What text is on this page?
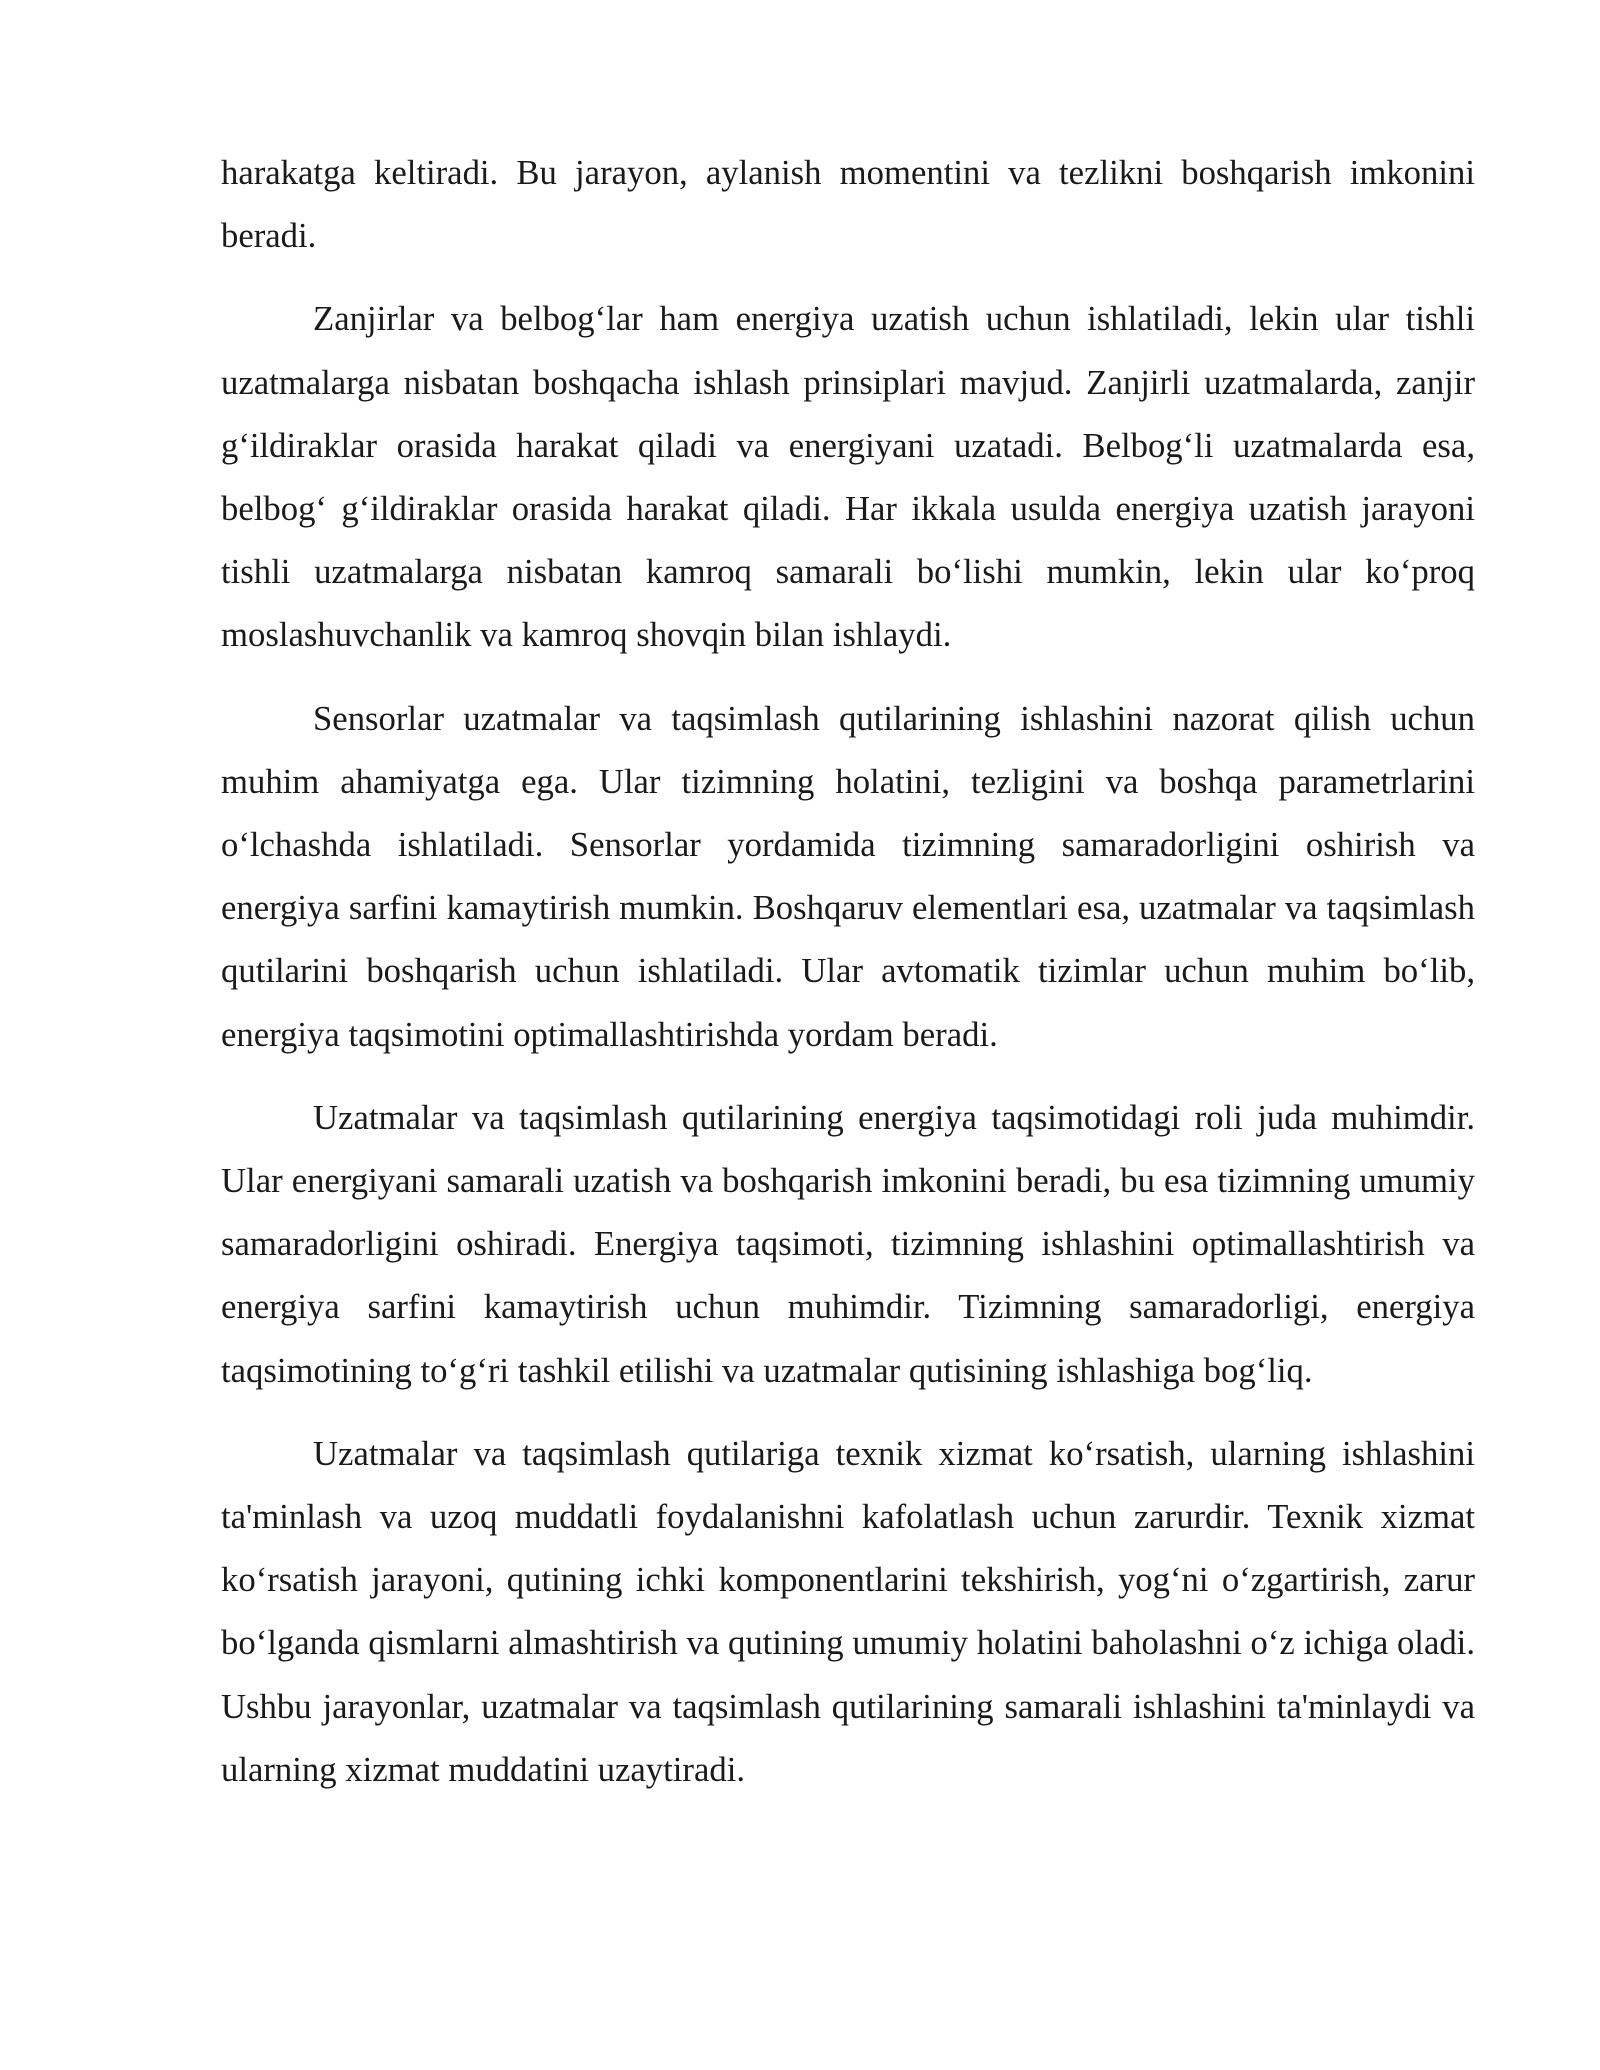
harakatga keltiradi. Bu jarayon, aylanish momentini va tezlikni boshqarish imkonini beradi.

Zanjirlar va belbog‘lar ham energiya uzatish uchun ishlatiladi, lekin ular tishli uzatmalarga nisbatan boshqacha ishlash prinsiplari mavjud. Zanjirli uzatmalarda, zanjir g‘ildiraklar orasida harakat qiladi va energiyani uzatadi. Belbog‘li uzatmalarda esa, belbog‘ g‘ildiraklar orasida harakat qiladi. Har ikkala usulda energiya uzatish jarayoni tishli uzatmalarga nisbatan kamroq samarali bo‘lishi mumkin, lekin ular ko‘proq moslashuvchanlik va kamroq shovqin bilan ishlaydi.

Sensorlar uzatmalar va taqsimlash qutilarining ishlashini nazorat qilish uchun muhim ahamiyatga ega. Ular tizimning holatini, tezligini va boshqa parametrlarini o‘lchashda ishlatiladi. Sensorlar yordamida tizimning samaradorligini oshirish va energiya sarfini kamaytirish mumkin. Boshqaruv elementlari esa, uzatmalar va taqsimlash qutilarini boshqarish uchun ishlatiladi. Ular avtomatik tizimlar uchun muhim bo‘lib, energiya taqsimotini optimallashtirishda yordam beradi.

Uzatmalar va taqsimlash qutilarining energiya taqsimotidagi roli juda muhimdir. Ular energiyani samarali uzatish va boshqarish imkonini beradi, bu esa tizimning umumiy samaradorligini oshiradi. Energiya taqsimoti, tizimning ishlashini optimallashtirish va energiya sarfini kamaytirish uchun muhimdir. Tizimning samaradorligi, energiya taqsimotining to‘g‘ri tashkil etilishi va uzatmalar qutisining ishlashiga bog‘liq.

Uzatmalar va taqsimlash qutilariga texnik xizmat ko‘rsatish, ularning ishlashini ta'minlash va uzoq muddatli foydalanishni kafolatlash uchun zarurdir. Texnik xizmat ko‘rsatish jarayoni, qutining ichki komponentlarini tekshirish, yog‘ni o‘zgartirish, zarur bo‘lganda qismlarni almashtirish va qutining umumiy holatini baholashni o‘z ichiga oladi. Ushbu jarayonlar, uzatmalar va taqsimlash qutilarining samarali ishlashini ta'minlaydi va ularning xizmat muddatini uzaytiradi.
